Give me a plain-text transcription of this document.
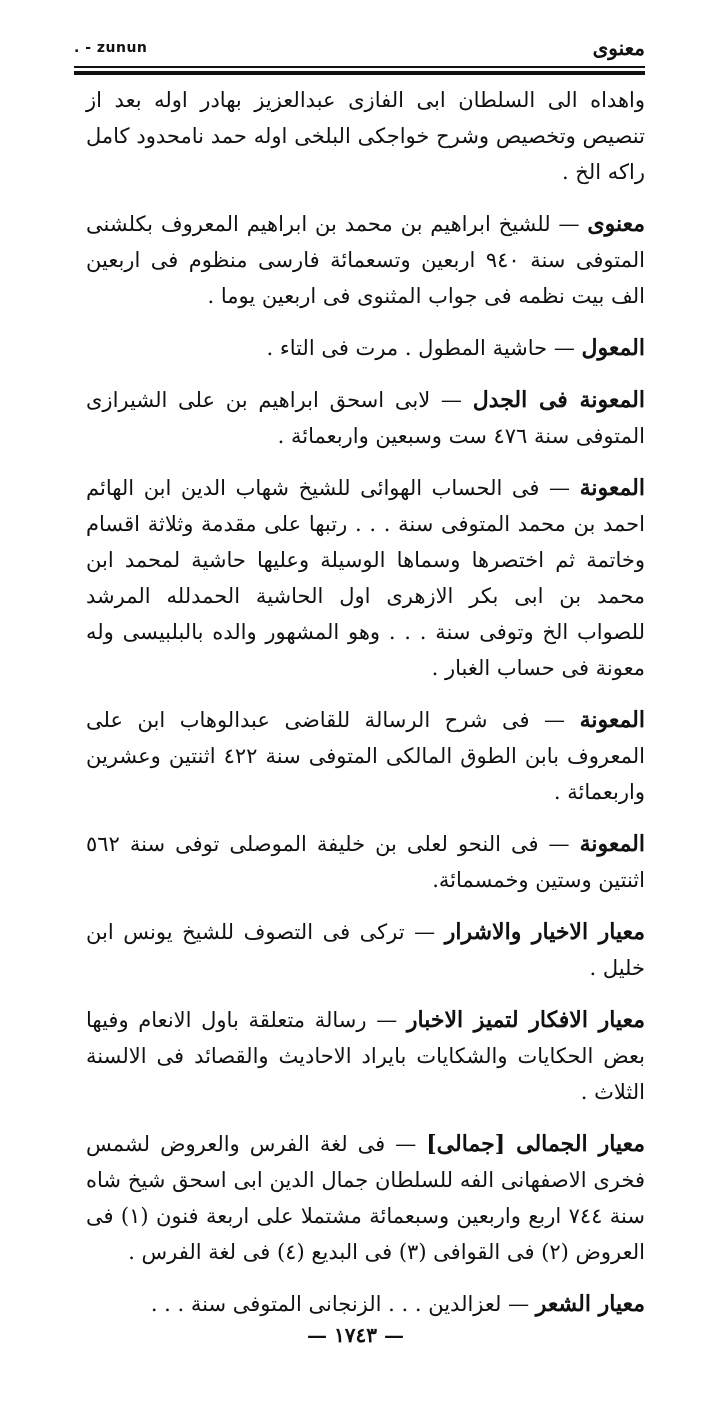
. - zunun	معنوى

واهداه الى السلطان ابى الفازى عبدالعزيز بهادر اوله بعد از تنصيص وتخصيص وشرح خواجكى البلخى اوله حمد نامحدود كامل راكه الخ .

معنوى — للشيخ ابراهيم بن محمد بن ابراهيم المعروف بكلشنى المتوفى سنة ٩٤٠ اربعين وتسعمائة فارسى منظوم فى اربعين الف بيت نظمه فى جواب المثنوى فى اربعين يوما .

المعول — حاشية المطول . مرت فى التاء .

المعونة فى الجدل — لابى اسحق ابراهيم بن على الشيرازى المتوفى سنة ٤٧٦ ست وسبعين واربعمائة .

المعونة — فى الحساب الهوائى للشيخ شهاب الدين ابن الهائم احمد بن محمد المتوفى سنة . . . رتبها على مقدمة وثلاثة اقسام وخاتمة ثم اختصرها وسماها الوسيلة وعليها حاشية لمحمد ابن محمد بن ابى بكر الازهرى اول الحاشية الحمدلله المرشد للصواب الخ وتوفى سنة . . . وهو المشهور والده بالبلبيسى وله معونة فى حساب الغبار .

المعونة — فى شرح الرسالة للقاضى عبدالوهاب ابن على المعروف بابن الطوق المالكى المتوفى سنة ٤٢٢ اثنتين وعشرين واربعمائة .

المعونة — فى النحو لعلى بن خليفة الموصلى توفى سنة ٥٦٢ اثنتين وستين وخمسمائة.

معيار الاخيار والاشرار — تركى فى التصوف للشيخ يونس ابن خليل .

معيار الافكار لتميز الاخبار — رسالة متعلقة باول الانعام وفيها بعض الحكايات والشكايات بايراد الاحاديث والقصائد فى الالسنة الثلاث .

معيار الجمالى [جمالى] — فى لغة الفرس والعروض لشمس فخرى الاصفهانى الفه للسلطان جمال الدين ابى اسحق شيخ شاه سنة ٧٤٤ اربع واربعين وسبعمائة مشتملا على اربعة فنون (١) فى العروض (٢) فى القوافى (٣) فى البديع (٤) فى لغة الفرس .

معيار الشعر — لعزالدين . . . الزنجانى المتوفى سنة . . .

— ١٧٤٣ —
